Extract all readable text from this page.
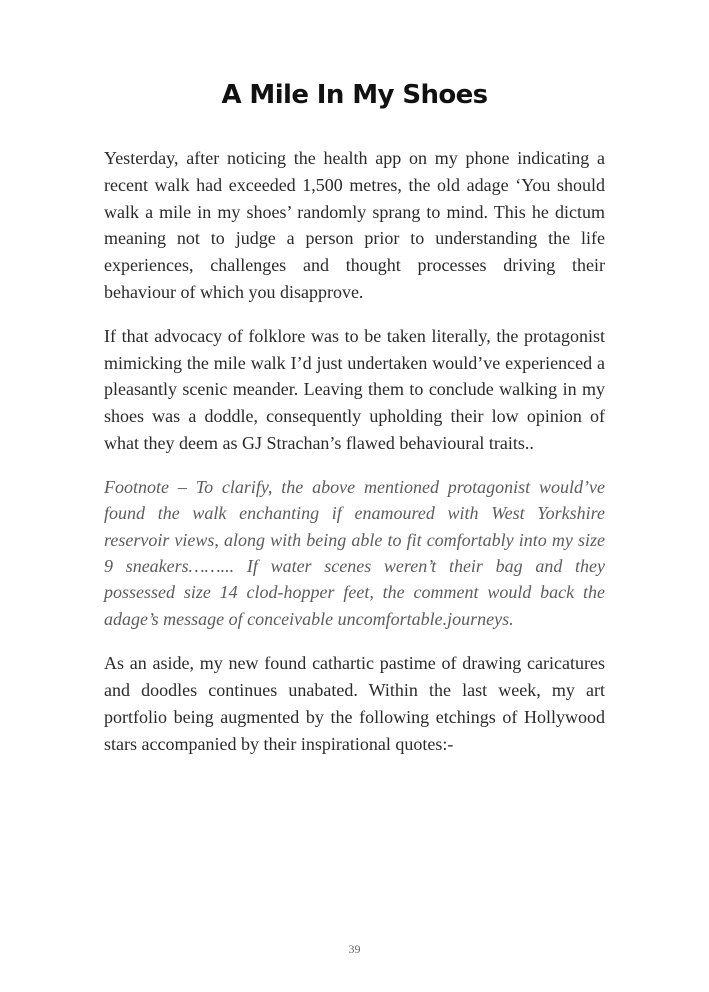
A Mile In My Shoes

Yesterday, after noticing the health app on my phone indicating a recent walk had exceeded 1,500 metres, the old adage ‘You should walk a mile in my shoes’ randomly sprang to mind. This he dictum meaning not to judge a person prior to understanding the life experiences, challenges and thought processes driving their behaviour of which you disapprove.

If that advocacy of folklore was to be taken literally, the protagonist mimicking the mile walk I’d just undertaken would’ve experienced a pleasantly scenic meander. Leaving them to conclude walking in my shoes was a doddle, consequently upholding their low opinion of what they deem as GJ Strachan’s flawed behavioural traits..

Footnote – To clarify, the above mentioned protagonist would’ve found the walk enchanting if enamoured with West Yorkshire reservoir views, along with being able to fit comfortably into my size 9 sneakers……... If water scenes weren’t their bag and they possessed size 14 clod-hopper feet, the comment would back the adage’s message of conceivable uncomfortable.journeys.

As an aside, my new found cathartic pastime of drawing caricatures and doodles continues unabated. Within the last week, my art portfolio being augmented by the following etchings of Hollywood stars accompanied by their inspirational quotes:-

39
